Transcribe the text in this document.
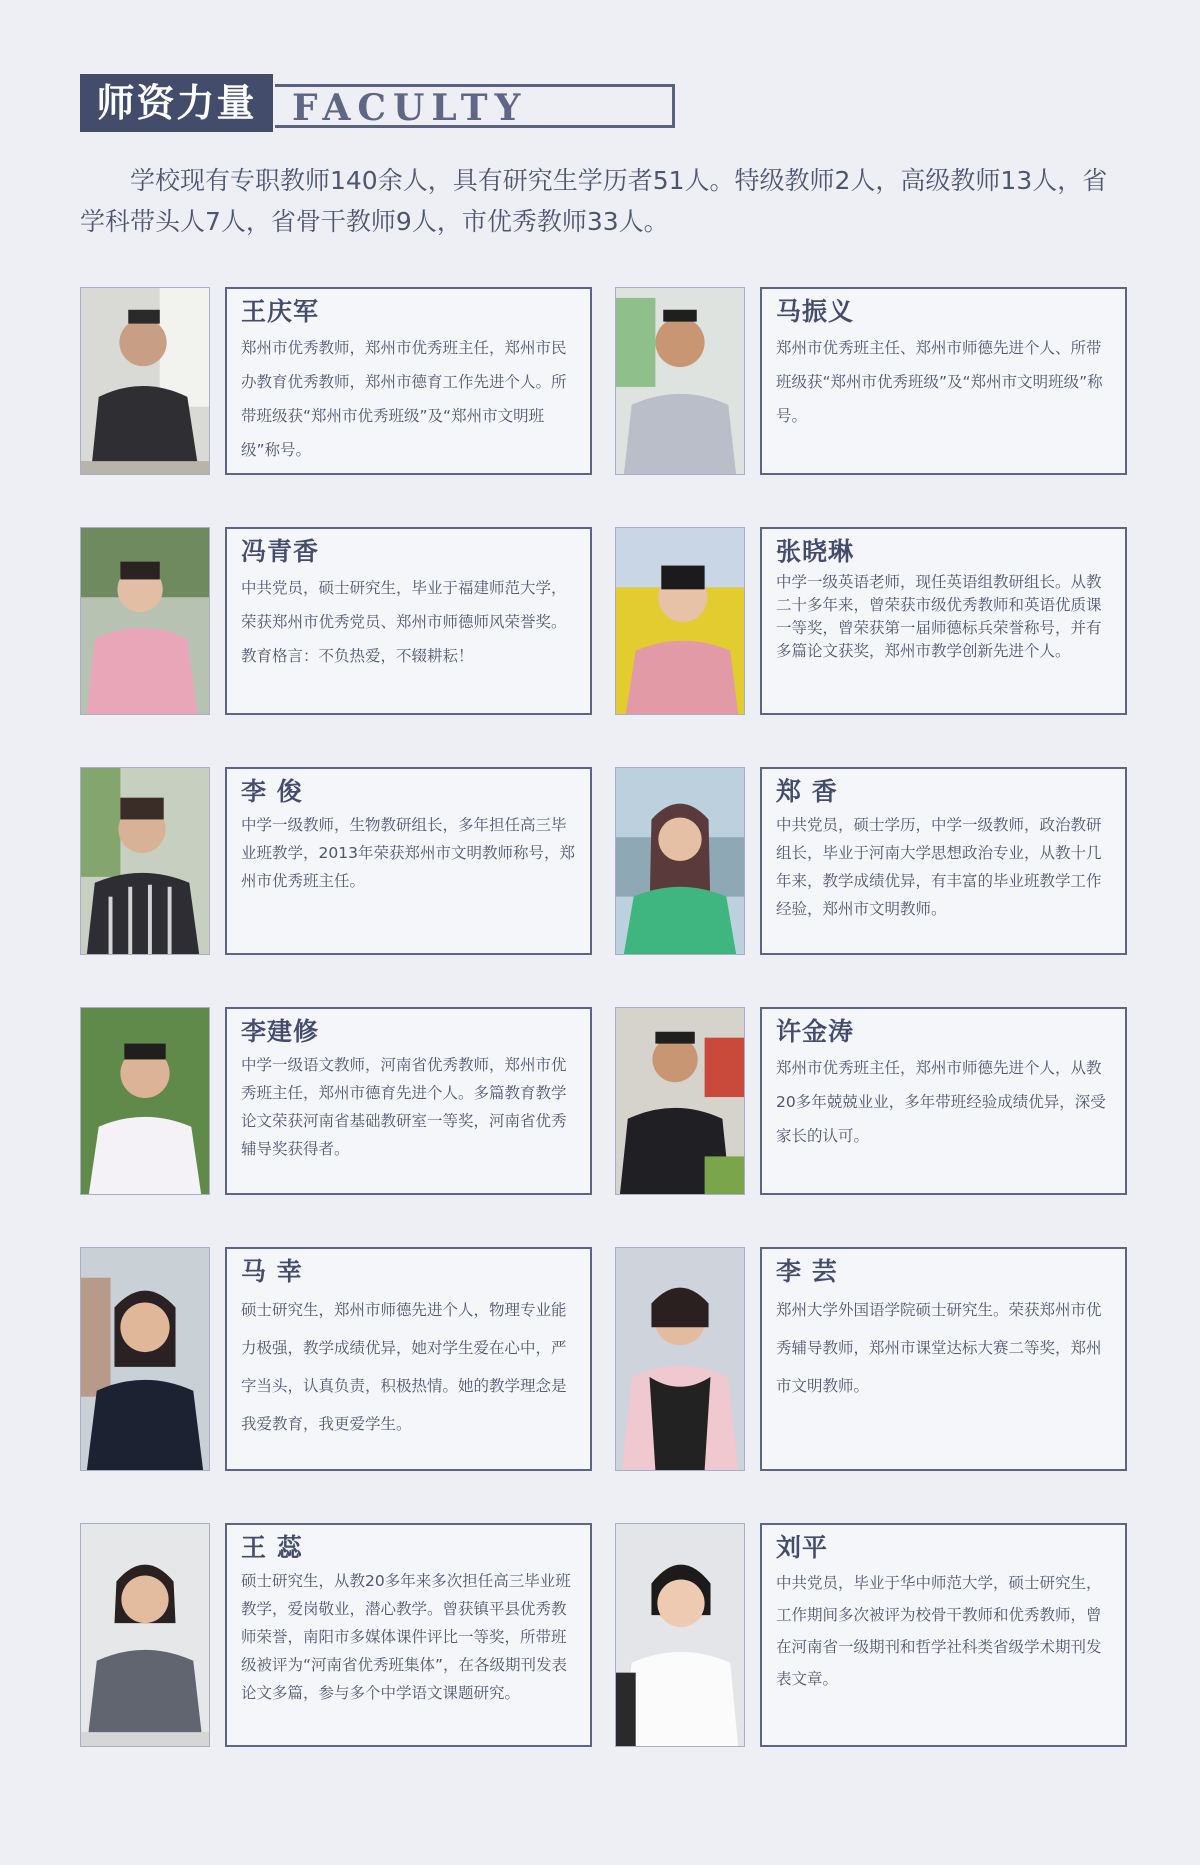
师资力量 FACULTY

学校现有专职教师140余人，具有研究生学历者51人。特级教师2人，高级教师13人，省学科带头人7人，省骨干教师9人，市优秀教师33人。

王庆军
郑州市优秀教师，郑州市优秀班主任，郑州市民办教育优秀教师，郑州市德育工作先进个人。所带班级获“郑州市优秀班级”及“郑州市文明班级”称号。
马振义
郑州市优秀班主任、郑州市师德先进个人、所带班级获“郑州市优秀班级”及“郑州市文明班级”称号。
冯青香
中共党员，硕士研究生，毕业于福建师范大学，荣获郑州市优秀党员、郑州市师德师风荣誉奖。教育格言：不负热爱，不辍耕耘！
张晓琳
中学一级英语老师，现任英语组教研组长。从教二十多年来，曾荣获市级优秀教师和英语优质课一等奖，曾荣获第一届师德标兵荣誉称号，并有多篇论文获奖，郑州市教学创新先进个人。
李 俊
中学一级教师，生物教研组长，多年担任高三毕业班教学，2013年荣获郑州市文明教师称号，郑州市优秀班主任。
郑 香
中共党员，硕士学历，中学一级教师，政治教研组长，毕业于河南大学思想政治专业，从教十几年来，教学成绩优异，有丰富的毕业班教学工作经验，郑州市文明教师。
李建修
中学一级语文教师，河南省优秀教师，郑州市优秀班主任，郑州市德育先进个人。多篇教育教学论文荣获河南省基础教研室一等奖，河南省优秀辅导奖获得者。
许金涛
郑州市优秀班主任，郑州市师德先进个人，从教20多年兢兢业业，多年带班经验成绩优异，深受家长的认可。
马 幸
硕士研究生，郑州市师德先进个人，物理专业能力极强，教学成绩优异，她对学生爱在心中，严字当头，认真负责，积极热情。她的教学理念是我爱教育，我更爱学生。
李 芸
郑州大学外国语学院硕士研究生。荣获郑州市优秀辅导教师，郑州市课堂达标大赛二等奖，郑州市文明教师。
王 蕊
硕士研究生，从教20多年来多次担任高三毕业班教学，爱岗敬业，潜心教学。曾获镇平县优秀教师荣誉，南阳市多媒体课件评比一等奖，所带班级被评为“河南省优秀班集体”，在各级期刊发表论文多篇，参与多个中学语文课题研究。
刘平
中共党员，毕业于华中师范大学，硕士研究生，工作期间多次被评为校骨干教师和优秀教师，曾在河南省一级期刊和哲学社科类省级学术期刊发表文章。
